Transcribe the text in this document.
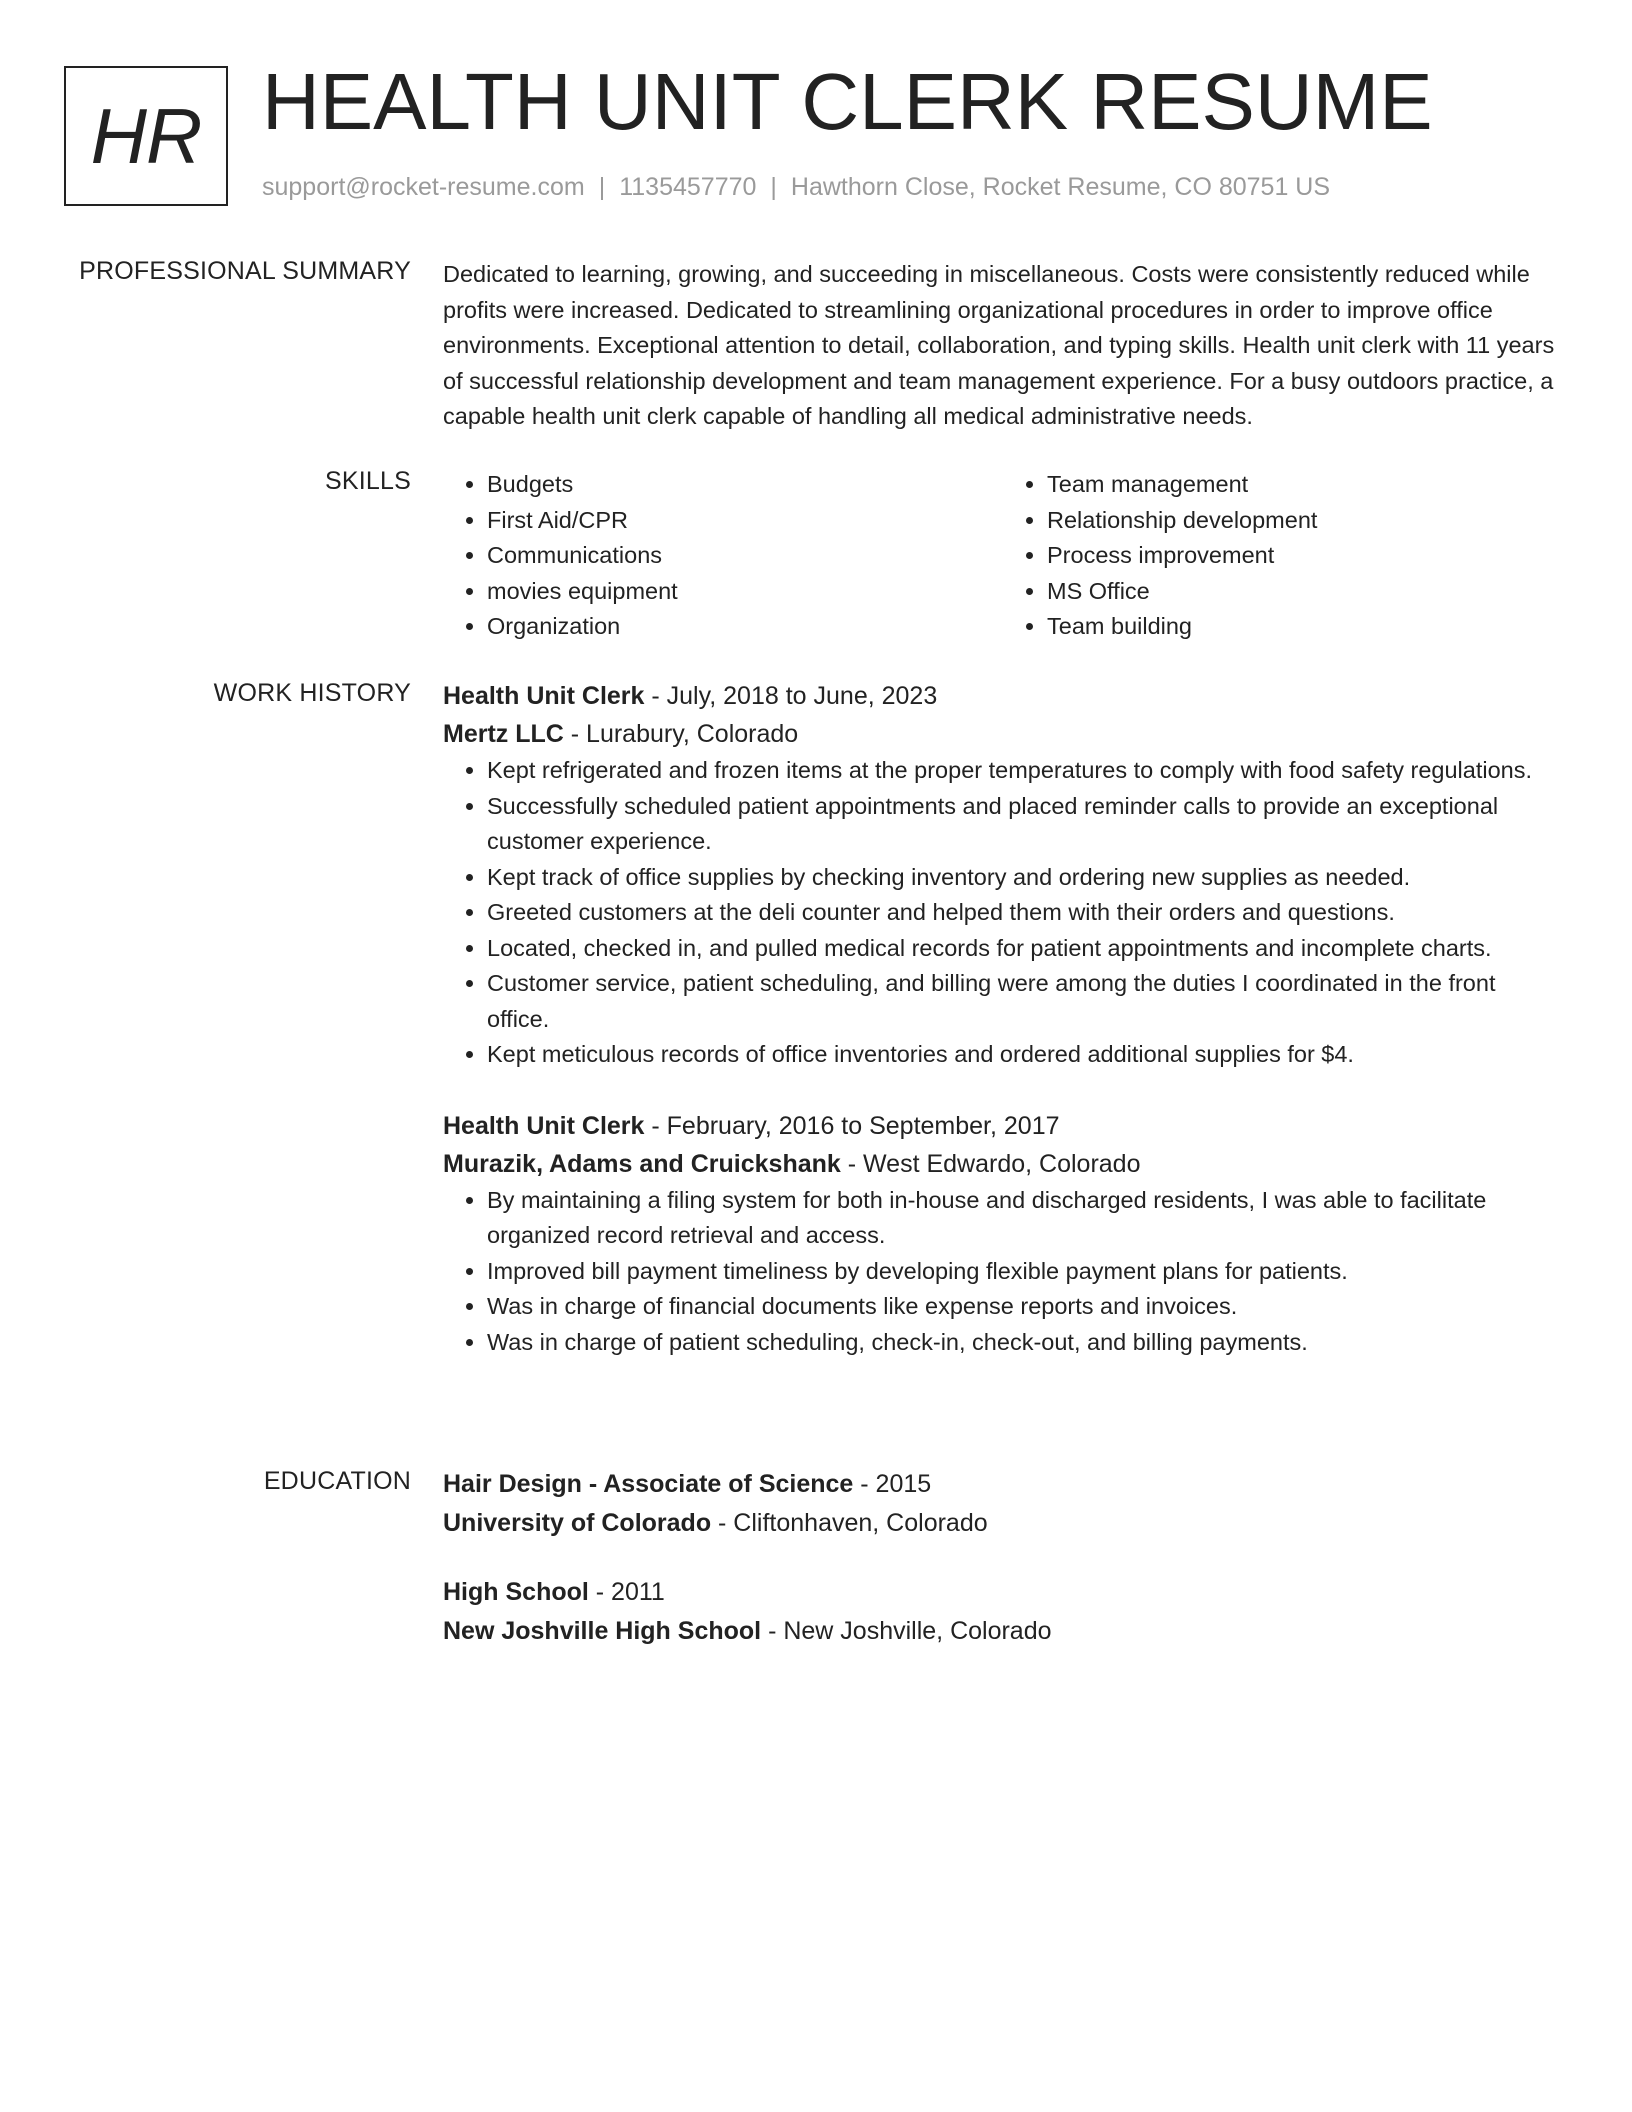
HR HEALTH UNIT CLERK RESUME
support@rocket-resume.com | 1135457770 | Hawthorn Close, Rocket Resume, CO 80751 US
PROFESSIONAL SUMMARY Dedicated to learning, growing, and succeeding in miscellaneous. Costs were consistently reduced while profits were increased. Dedicated to streamlining organizational procedures in order to improve office environments. Exceptional attention to detail, collaboration, and typing skills. Health unit clerk with 11 years of successful relationship development and team management experience. For a busy outdoors practice, a capable health unit clerk capable of handling all medical administrative needs.

SKILLS
•	Budgets
• First Aid/CPR
• Communications
• movies equipment
• Organization
• Team management
• Relationship development
• Process improvement
• MS Office
• Team building
WORK HISTORY Health Unit Clerk - July, 2018 to June, 2023
Mertz LLC - Lurabury, Colorado
• Kept refrigerated and frozen items at the proper temperatures to comply with food safety regulations.
• Successfully scheduled patient appointments and placed reminder calls to provide an exceptional customer experience.
• Kept track of office supplies by checking inventory and ordering new supplies as needed.
• Greeted customers at the deli counter and helped them with their orders and questions.
• Located, checked in, and pulled medical records for patient appointments and incomplete charts.
• Customer service, patient scheduling, and billing were among the duties I coordinated in the front office.
• Kept meticulous records of office inventories and ordered additional supplies for $4.
Health Unit Clerk - February, 2016 to September, 2017
Murazik, Adams and Cruickshank - West Edwardo, Colorado
• By maintaining a filing system for both in-house and discharged residents, I was able to facilitate organized record retrieval and access.
• Improved bill payment timeliness by developing flexible payment plans for patients.
• Was in charge of financial documents like expense reports and invoices.
• Was in charge of patient scheduling, check-in, check-out, and billing payments.
EDUCATION Hair Design - Associate of Science - 2015
University of Colorado - Cliftonhaven, Colorado
High School - 2011
New Joshville High School - New Joshville, Colorado
